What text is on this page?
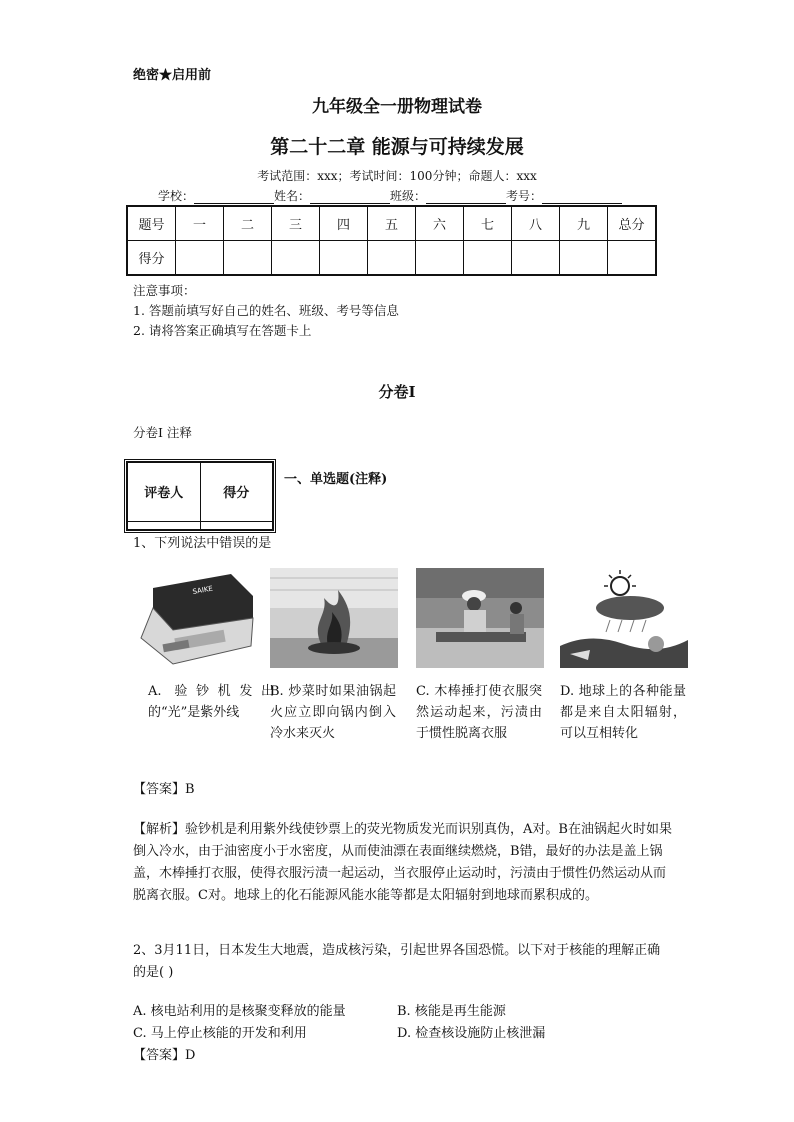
绝密★启用前
九年级全一册物理试卷
第二十二章 能源与可持续发展
考试范围：xxx；考试时间：100分钟；命题人：xxx
学校：	姓名：	班级：	考号：
题号	一	二	三	四	五	六	七	八	九	总分
得分										
注意事项：
1. 答题前填写好自己的姓名、班级、考号等信息
2. 请将答案正确填写在答题卡上
分卷I
分卷I 注释
评卷人	得分

一、单选题(注释)
1、下列说法中错误的是
SAIKE
A. 验钞机发出的“光”是紫外线
B. 炒菜时如果油锅起火应立即向锅内倒入冷水来灭火
C. 木棒捶打使衣服突然运动起来，污渍由于惯性脱离衣服
D. 地球上的各种能量都是来自太阳辐射，可以互相转化
【答案】B
【解析】验钞机是利用紫外线使钞票上的荧光物质发光而识别真伪，A对。B在油锅起火时如果倒入冷水，由于油密度小于水密度，从而使油漂在表面继续燃烧，B错，最好的办法是盖上锅盖，木棒捶打衣服，使得衣服污渍一起运动，当衣服停止运动时，污渍由于惯性仍然运动从而脱离衣服。C对。地球上的化石能源风能水能等都是太阳辐射到地球而累积成的。
2、3月11日，日本发生大地震，造成核污染，引起世界各国恐慌。以下对于核能的理解正确的是( )
A. 核电站利用的是核聚变释放的能量	B. 核能是再生能源
C. 马上停止核能的开发和利用	D. 检查核设施防止核泄漏
【答案】D
